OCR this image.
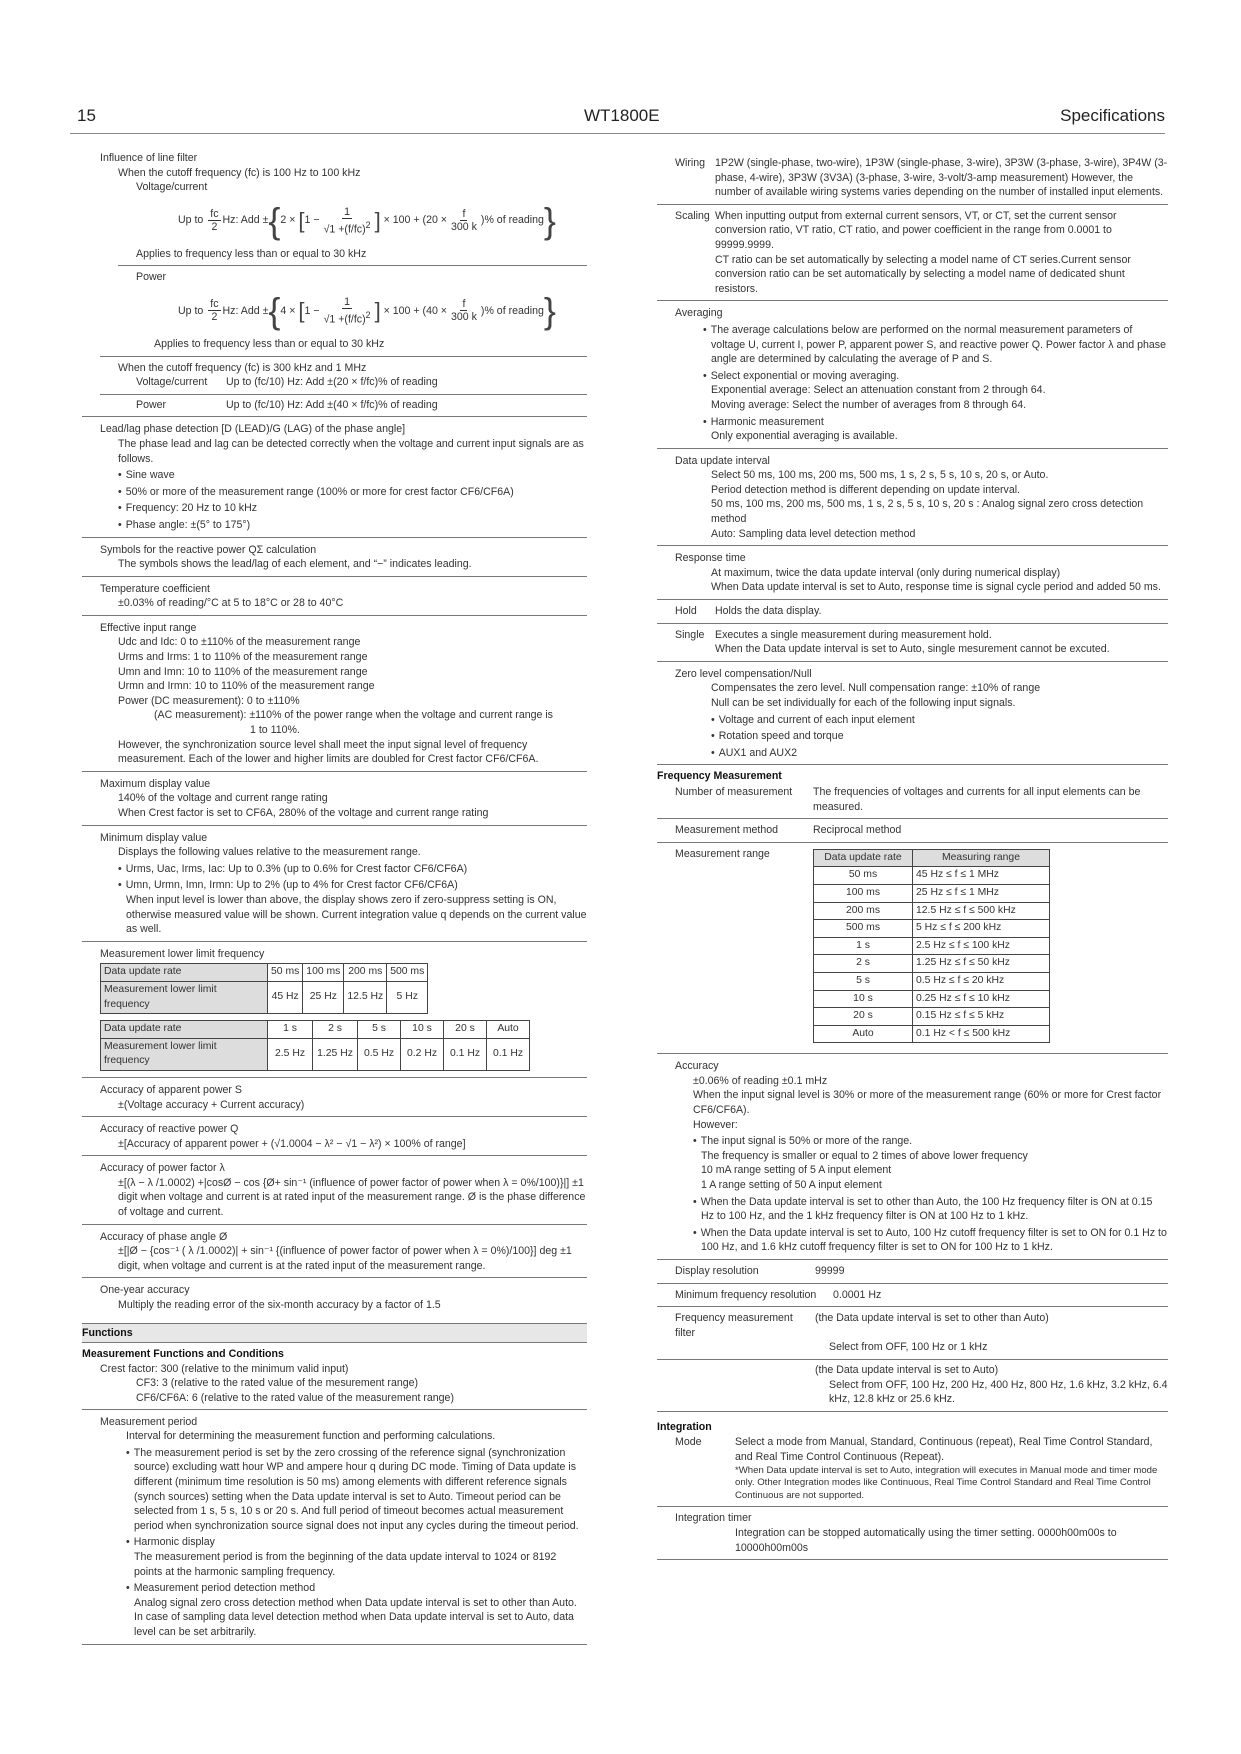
15	WT1800E	Specifications
Influence of line filter
When the cutoff frequency (fc) is 100 Hz to 100 kHz
Voltage/current
Up to
$\frac{fc}{2} Hz$: Add ± { 2 ×
[ $1 - \frac{1}{√1 +(f/fc)^2}$ ]
× 100 + ( $20 \times \frac{f}{300 k}$ ) % of reading }
Applies to frequency less than or equal to 30 kHz
Power
Up to
$\frac{fc}{2} Hz$: Add ± { 4 ×
[ $1 - \frac{1}{√1 +(f/fc)^2}$ ]
× 100 + ( $40 \times \frac{f}{300 k}$ ) % of reading }
Applies to frequency less than or equal to 30 kHz
When the cutoff frequency (fc) is 300 kHz and 1 MHz
Voltage/current	Up to (fc/10) Hz: Add ±(20 × f/fc)% of reading
Power	Up to (fc/10) Hz: Add ±(40 × f/fc)% of reading
Lead/lag phase detection [D (LEAD)/G (LAG) of the phase angle]
The phase lead and lag can be detected correctly when the voltage and current input signals are as follows.
• Sine wave
• 50% or more of the measurement range (100% or more for crest factor CF6/CF6A)
• Frequency: 20 Hz to 10 kHz
• Phase angle: ±(5° to 175°)
Symbols for the reactive power QΣ calculation
The symbols shows the lead/lag of each element, and “−” indicates leading.
Temperature coefficient
±0.03% of reading/°C at 5 to 18°C or 28 to 40°C
Effective input range
Udc and Idc: 0 to ±110% of the measurement range
Urms and Irms: 1 to 110% of the measurement range
Umn and Imn: 10 to 110% of the measurement range
Urmn and Irmn: 10 to 110% of the measurement range
Power (DC measurement): 0 to ±110%
(AC measurement): ±110% of the power range when the voltage and current range is
1 to 110%.
However, the synchronization source level shall meet the input signal level of frequency measurement. Each of the lower and higher limits are doubled for Crest factor CF6/CF6A.
Maximum display value
140% of the voltage and current range rating
When Crest factor is set to CF6A, 280% of the voltage and current range rating
Minimum display value
Displays the following values relative to the measurement range.
• Urms, Uac, Irms, Iac: Up to 0.3% (up to 0.6% for Crest factor CF6/CF6A)
• Umn, Urmn, Imn, Irmn: Up to 2% (up to 4% for Crest factor CF6/CF6A)
When input level is lower than above, the display shows zero if zero-suppress setting is ON, otherwise measured value will be shown. Current integration value q depends on the current value as well.
Measurement lower limit frequency
Data update rate	50 ms	100 ms	200 ms	500 ms
Measurement lower limit frequency	45 Hz	25 Hz	12.5 Hz	5 Hz
Data update rate	1 s	2 s	5 s	10 s	20 s	Auto
Measurement lower limit frequency	2.5 Hz	1.25 Hz	0.5 Hz	0.2 Hz	0.1 Hz	0.1 Hz
Accuracy of apparent power S
±(Voltage accuracy + Current accuracy)
Accuracy of reactive power Q
±[Accuracy of apparent power + (√1.0004 − λ² − √1 − λ²) × 100% of range]
Accuracy of power factor λ
±[(λ − λ /1.0002) +|cosØ − cos {Ø+ sin⁻¹ (influence of power factor of power when λ = 0%/100)}|] ±1 digit when voltage and current is at rated input of the measurement range. Ø is the phase difference of voltage and current.
Accuracy of phase angle Ø
±[|Ø − {cos⁻¹ ( λ /1.0002)| + sin⁻¹ {(influence of power factor of power when λ = 0%)/100}] deg ±1 digit, when voltage and current is at the rated input of the measurement range.
One-year accuracy
Multiply the reading error of the six-month accuracy by a factor of 1.5
Functions
Measurement Functions and Conditions
Crest factor: 300 (relative to the minimum valid input)
CF3: 3 (relative to the rated value of the mesurement range)
CF6/CF6A: 6 (relative to the rated value of the measurement range)
Measurement period
Interval for determining the measurement function and performing calculations.
• The measurement period is set by the zero crossing of the reference signal (synchronization source) excluding watt hour WP and ampere hour q during DC mode. Timing of Data update is different (minimum time resolution is 50 ms) among elements with different reference signals (synch sources) setting when the Data update interval is set to Auto. Timeout period can be selected from 1 s, 5 s, 10 s or 20 s. And full period of timeout becomes actual measurement period when synchronization source signal does not input any cycles during the timeout period.
• Harmonic display
The measurement period is from the beginning of the data update interval to 1024 or 8192 points at the harmonic sampling frequency.
• Measurement period detection method
Analog signal zero cross detection method when Data update interval is set to other than Auto. In case of sampling data level detection method when Data update interval is set to Auto, data level can be set arbitrarily.
Wiring 1P2W (single-phase, two-wire), 1P3W (single-phase, 3-wire), 3P3W (3-phase, 3-wire), 3P4W (3-phase, 4-wire), 3P3W (3V3A) (3-phase, 3-wire, 3-volt/3-amp measurement) However, the number of available wiring systems varies depending on the number of installed input elements.
Scaling When inputting output from external current sensors, VT, or CT, set the current sensor conversion ratio, VT ratio, CT ratio, and power coefficient in the range from 0.0001 to 99999.9999.
CT ratio can be set automatically by selecting a model name of CT series.Current sensor conversion ratio can be set automatically by selecting a model name of dedicated shunt resistors.
Averaging
• The average calculations below are performed on the normal measurement parameters of voltage U, current I, power P, apparent power S, and reactive power Q. Power factor λ and phase angle are determined by calculating the average of P and S.
• Select exponential or moving averaging.
Exponential average: Select an attenuation constant from 2 through 64.
Moving average: Select the number of averages from 8 through 64.
• Harmonic measurement
Only exponential averaging is available.
Data update interval
Select 50 ms, 100 ms, 200 ms, 500 ms, 1 s, 2 s, 5 s, 10 s, 20 s, or Auto.
Period detection method is different depending on update interval.
50 ms, 100 ms, 200 ms, 500 ms, 1 s, 2 s, 5 s, 10 s, 20 s : Analog signal zero cross detection method
Auto: Sampling data level detection method
Response time
At maximum, twice the data update interval (only during numerical display)
When Data update interval is set to Auto, response time is signal cycle period and added 50 ms.
Hold	Holds the data display.
Single Executes a single measurement during measurement hold.
When the Data update interval is set to Auto, single mesurement cannot be excuted.
Zero level compensation/Null
Compensates the zero level. Null compensation range: ±10% of range
Null can be set individually for each of the following input signals.
• Voltage and current of each input element
• Rotation speed and torque
• AUX1 and AUX2
Frequency Measurement
Number of measurement	The frequencies of voltages and currents for all input elements can be measured.
Measurement method	Reciprocal method
Measurement range	Data update rate	Measuring range
50 ms	45 Hz ≤ f ≤ 1 MHz
100 ms	25 Hz ≤ f ≤ 1 MHz
200 ms	12.5 Hz ≤ f ≤ 500 kHz
500 ms	5 Hz ≤ f ≤ 200 kHz
1 s	2.5 Hz ≤ f ≤ 100 kHz
2 s	1.25 Hz ≤ f ≤ 50 kHz
5 s	0.5 Hz ≤ f ≤ 20 kHz
10 s	0.25 Hz ≤ f ≤ 10 kHz
20 s	0.15 Hz ≤ f ≤ 5 kHz
Auto	0.1 Hz < f ≤ 500 kHz
Accuracy
±0.06% of reading ±0.1 mHz
When the input signal level is 30% or more of the measurement range (60% or more for Crest factor CF6/CF6A).
However:
• The input signal is 50% or more of the range.
The frequency is smaller or equal to 2 times of above lower frequency
10 mA range setting of 5 A input element
1 A range setting of 50 A input element
• When the Data update interval is set to other than Auto, the 100 Hz frequency filter is ON at 0.15 Hz to 100 Hz, and the 1 kHz frequency filter is ON at 100 Hz to 1 kHz.
• When the Data update interval is set to Auto, 100 Hz cutoff frequency filter is set to ON for 0.1 Hz to 100 Hz, and 1.6 kHz cutoff frequency filter is set to ON for 100 Hz to 1 kHz.
Display resolution	99999
Minimum frequency resolution	0.0001 Hz
Frequency measurement filter
(the Data update interval is set to other than Auto)
Select from OFF, 100 Hz or 1 kHz
(the Data update interval is set to Auto)
Select from OFF, 100 Hz, 200 Hz, 400 Hz, 800 Hz, 1.6 kHz, 3.2 kHz, 6.4 kHz, 12.8 kHz or 25.6 kHz.
Integration
Mode	Select a mode from Manual, Standard, Continuous (repeat), Real Time Control Standard, and Real Time Control Continuous (Repeat).
*When Data update interval is set to Auto, integration will executes in Manual mode and timer mode only. Other Integration modes like Continuous, Real Time Control Standard and Real Time Control Continuous are not supported.
Integration timer
Integration can be stopped automatically using the timer setting. 0000h00m00s to 10000h00m00s
